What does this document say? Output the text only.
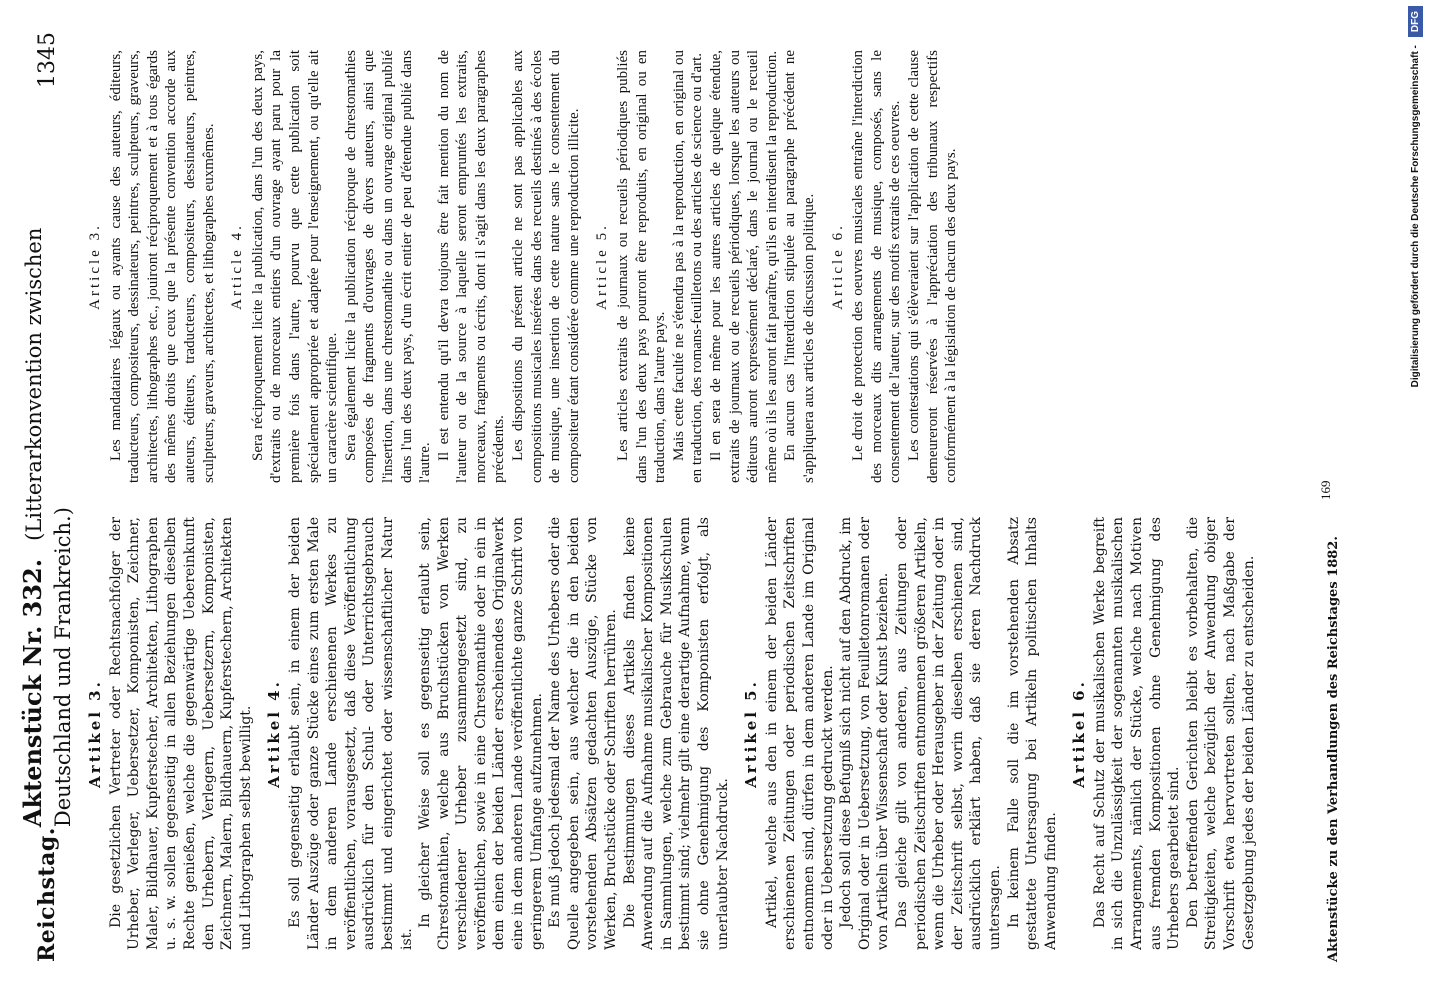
Reichstag.
Aktenstück Nr. 332.(Litterarkonvention zwischen Deutschland und Frankreich.)
1345
Artikel 3. Die gesetzlichen Vertreter oder Rechtsnachfolger der Urheber, Verleger, Uebersetzer, Komponisten, Zeichner, Maler, Bildhauer, Kupferstecher, Architekten, Lithographen u. s. w. sollen gegenseitig in allen Beziehungen dieselben Rechte genießen, welche die gegenwärtige Uebereinkunft den Urhebern, Verlegern, Uebersetzern, Komponisten, Zeichnern, Malern, Bildhauern, Kupferstechern, Architekten und Lithographen selbst bewilligt. Artikel 4. Es soll gegenseitig erlaubt sein, in einem der beiden Länder Auszüge oder ganze Stücke eines zum ersten Male in dem anderen Lande erschienenen Werkes zu veröffentlichen, vorausgesetzt, daß diese Veröffentlichung ausdrücklich für den Schul- oder Unterrichtsgebrauch bestimmt und eingerichtet oder wissenschaftlicher Natur ist.

In gleicher Weise soll es gegenseitig erlaubt sein, Chrestomathien, welche aus Bruchstücken von Werken verschiedener Urheber zusammengesetzt sind, zu veröffentlichen, sowie in eine Chrestomathie oder in ein in dem einen der beiden Länder erscheinendes Originalwerk eine in dem anderen Lande veröffentlichte ganze Schrift von geringerem Umfange aufzunehmen. Es muß jedoch jedesmal der Name des Urhebers oder die Quelle angegeben sein, aus welcher die in den beiden vorstehenden Absätzen gedachten Auszüge, Stücke von Werken, Bruchstücke oder Schriften herrühren. Die Bestimmungen dieses Artikels finden keine Anwendung auf die Aufnahme musikalischer Kompositionen in Sammlungen, welche zum Gebrauche für Musikschulen bestimmt sind; vielmehr gilt eine derartige Aufnahme, wenn sie ohne Genehmigung des Komponisten erfolgt, als unerlaubter Nachdruck.

Artikel 5. Artikel, welche aus den in einem der beiden Länder erschienenen Zeitungen oder periodischen Zeitschriften entnommen sind, dürfen in dem anderen Lande im Original oder in Uebersetzung gedruckt werden. Jedoch soll diese Befugniß sich nicht auf den Abdruck, im Original oder in Uebersetzung, von Feuilletonromanen oder von Artikeln über Wissenschaft oder Kunst beziehen. Das gleiche gilt von anderen, aus Zeitungen oder periodischen Zeitschriften entnommenen größeren Artikeln, wenn die Urheber oder Herausgeber in der Zeitung oder in der Zeitschrift selbst, worin dieselben erschienen sind, ausdrücklich erklärt haben, daß sie deren Nachdruck untersagen. In keinem Falle soll die im vorstehenden Absatz gestattete Untersagung bei Artikeln politischen Inhalts Anwendung finden.

Artikel 6. Das Recht auf Schutz der musikalischen Werke begreift in sich die Unzulässigkeit der sogenannten musikalischen Arrangements, nämlich der Stücke, welche nach Motiven aus fremden Kompositionen ohne Genehmigung des Urhebers gearbeitet sind. Den betreffenden Gerichten bleibt es vorbehalten, die Streitigkeiten, welche bezüglich der Anwendung obiger Vorschrift etwa hervortreten sollten, nach Maßgabe der Gesetzgebung jedes der beiden Länder zu entscheiden.

Article 3. Les mandataires légaux ou ayants cause des auteurs, éditeurs, traducteurs, compositeurs, dessinateurs, peintres, sculpteurs, graveurs, architectes, lithographes etc., jouiront réciproquement et à tous égards des mêmes droits que ceux que la présente convention accorde aux auteurs, éditeurs, traducteurs, compositeurs, dessinateurs, peintres, sculpteurs, graveurs, architectes, et lithographes euxmêmes. Article 4. Sera réciproquement licite la publication, dans l'un des deux pays, d'extraits ou de morceaux entiers d'un ouvrage ayant paru pour la première fois dans l'autre, pourvu que cette publication soit spécialement appropriée et adaptée pour l'enseignement, ou qu'elle ait un caractère scientifique. Sera également licite la publication réciproque de chrestomathies composées de fragments d'ouvrages de divers auteurs, ainsi que l'insertion, dans une chrestomathie ou dans un ouvrage original publié dans l'un des deux pays, d'un écrit entier de peu d'étendue publié dans l'autre.

Il est entendu qu'il devra toujours être fait mention du nom de l'auteur ou de la source à laquelle seront empruntés les extraits, morceaux, fragments ou écrits, dont il s'agit dans les deux paragraphes précédents. Les dispositions du présent article ne sont pas applicables aux compositions musicales insérées dans des recueils destinés à des écoles de musique, une insertion de cette nature sans le consentement du compositeur étant considérée comme une reproduction illicite. Article 5. Les articles extraits de journaux ou recueils périodiques publiés dans l'un des deux pays pourront être reproduits, en original ou en traduction, dans l'autre pays. Mais cette faculté ne s'étendra pas à la reproduction, en original ou en traduction, des romans-feuilletons ou des articles de science ou d'art. Il en sera de même pour les autres articles de quelque étendue, extraits de journaux ou de recueils périodiques, lorsque les auteurs ou éditeurs auront expressément déclaré, dans le journal ou le recueil même où ils les auront fait paraître, qu'ils en interdisent la reproduction. En aucun cas l'interdiction stipulée au paragraphe précédent ne s'appliquera aux articles de discussion politique. Article 6. Le droit de protection des oeuvres musicales entraîne l'interdiction des morceaux dits arrangements de musique, composés, sans le consentement de l'auteur, sur des motifs extraits de ces oeuvres. Les contestations qui s'élèveraient sur l'application de cette clause demeureront réservées à l'appréciation des tribunaux respectifs conformément à la législation de chacun des deux pays.

Aktenstücke zu den Verhandlungen des Reichstages 1882.
169
Digitalisierung gefördert durch die Deutsche Forschungsgemeinschaft -
DFG
